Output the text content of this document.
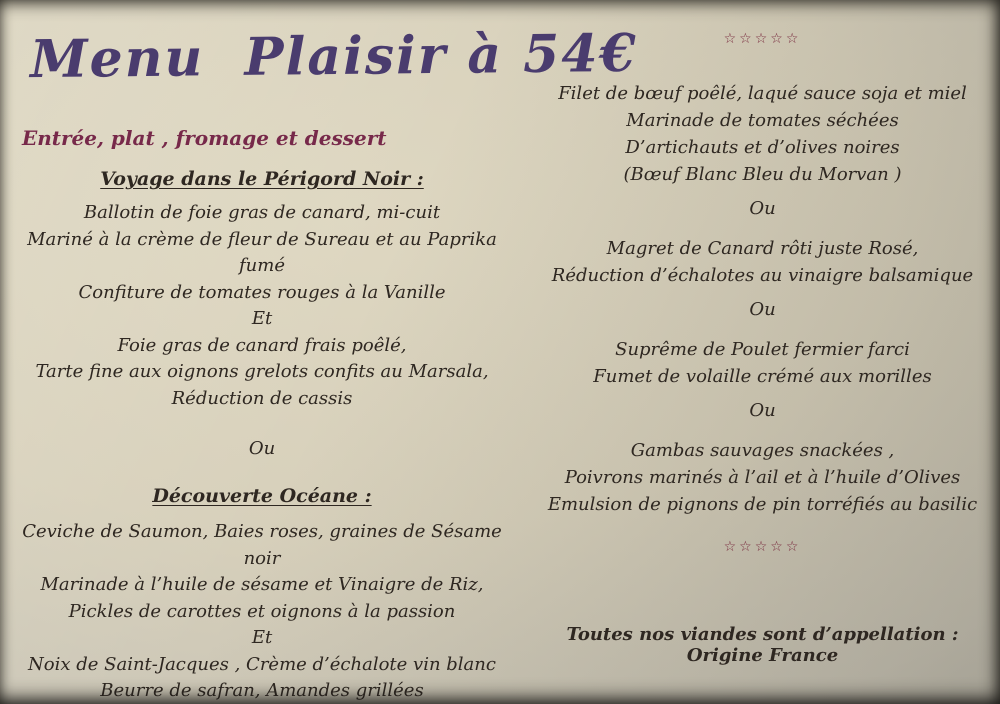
Menu  Plaisir à 54€
Entrée, plat , fromage et dessert
Voyage dans le Périgord Noir :
Ballotin de foie gras de canard, mi-cuit
Mariné à la crème de fleur de Sureau et au Paprika fumé
Confiture de tomates rouges à la Vanille
Et
Foie gras de canard frais poêlé,
Tarte fine aux oignons grelots confits au Marsala,
Réduction de cassis
Ou
Découverte Océane :
Ceviche de Saumon, Baies roses, graines de Sésame noir
Marinade à l’huile de sésame et Vinaigre de Riz,
Pickles de carottes et oignons à la passion
Et
Noix de Saint-Jacques , Crème d’échalote vin blanc
Beurre de safran, Amandes grillées
☆☆☆☆☆
Filet de bœuf poêlé, laqué sauce soja et miel
Marinade de tomates séchées
D’artichauts et d’olives noires
(Bœuf Blanc Bleu du Morvan )
Ou
Magret de Canard rôti juste Rosé,
Réduction d’échalotes au vinaigre balsamique
Ou
Suprême de Poulet fermier farci
Fumet de volaille crémé aux morilles
Ou
Gambas sauvages snackées ,
Poivrons marinés à l’ail et à l’huile d’Olives
Emulsion de pignons de pin torréfiés au basilic
☆☆☆☆☆
Toutes nos viandes sont d’appellation : Origine France
